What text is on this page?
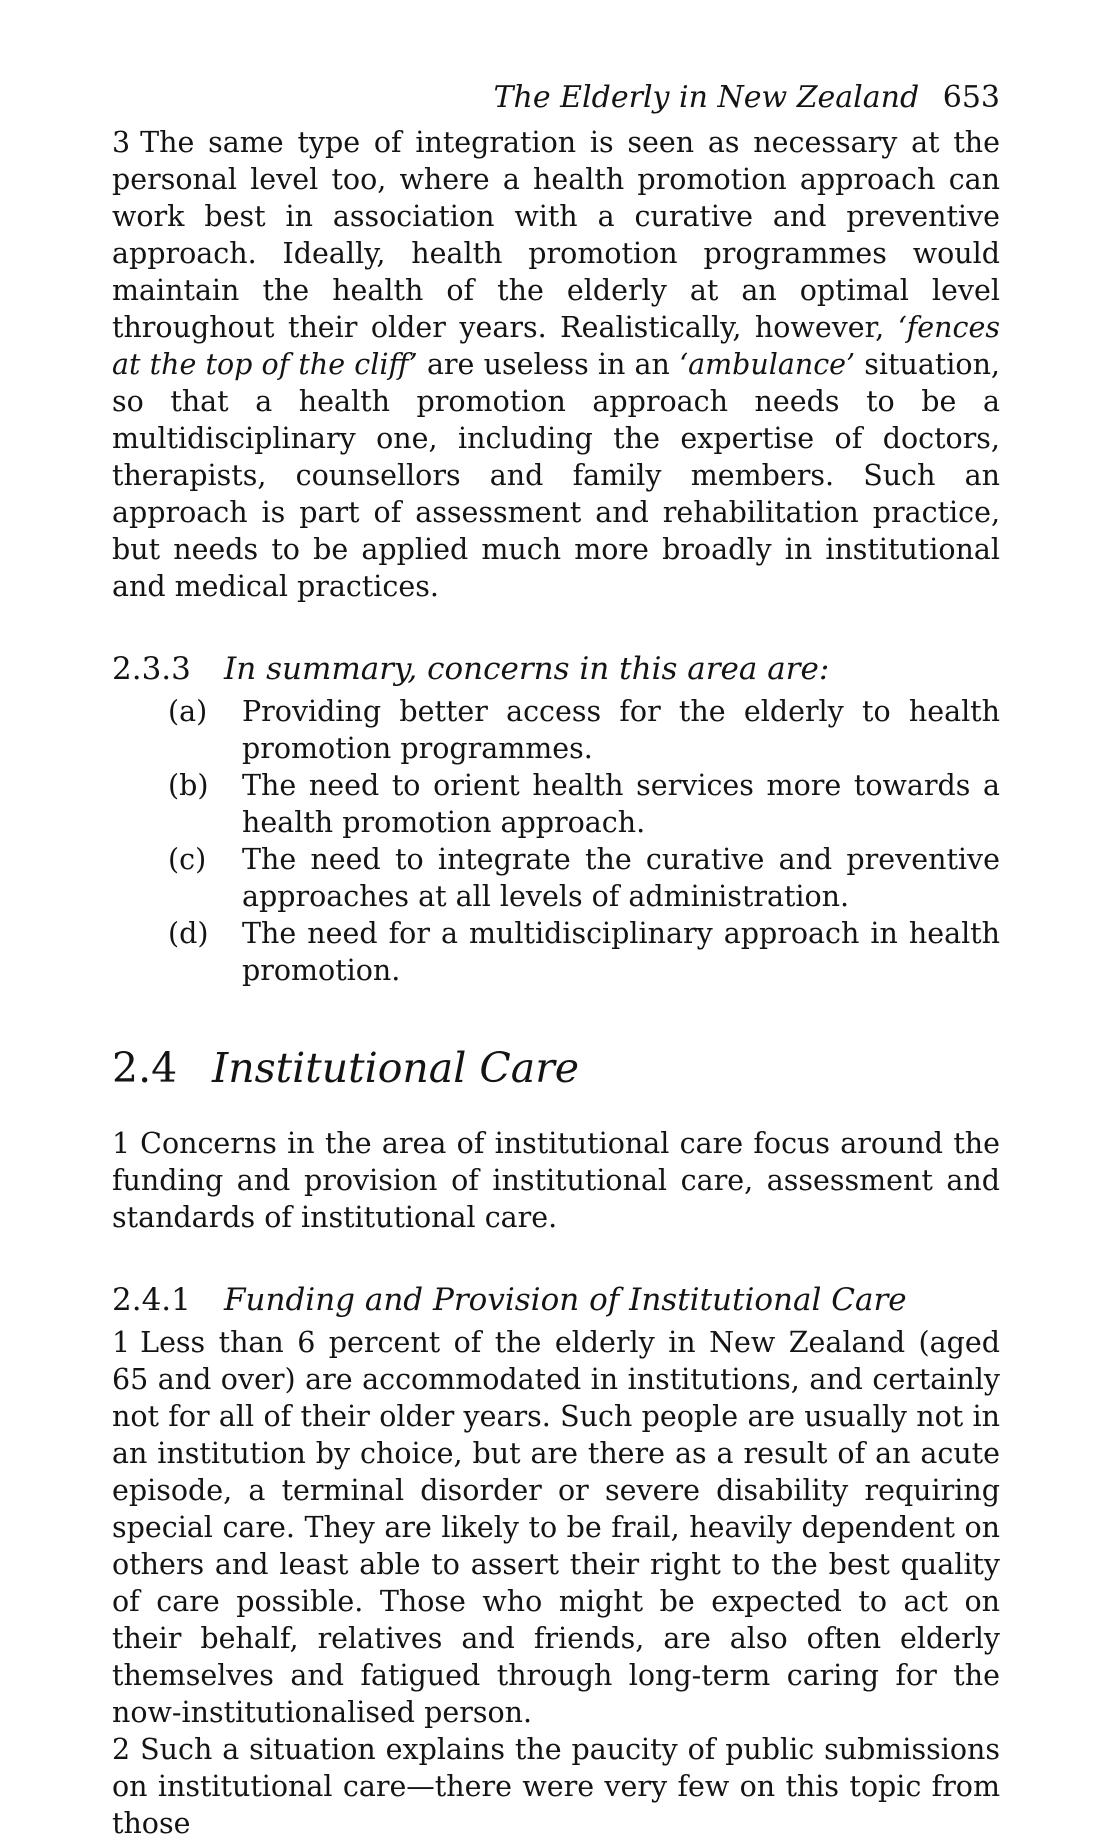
The Elderly in New Zealand 653

3 The same type of integration is seen as necessary at the personal level too, where a health promotion approach can work best in association with a curative and preventive approach. Ideally, health promotion programmes would maintain the health of the elderly at an optimal level throughout their older years. Realistically, however, ‘fences at the top of the cliff’ are useless in an ‘ambulance’ situation, so that a health promotion approach needs to be a multidisciplinary one, including the expertise of doctors, therapists, counsellors and family members. Such an approach is part of assessment and rehabilitation practice, but needs to be applied much more broadly in institutional and medical practices.

2.3.3 In summary, concerns in this area are:
(a) Providing better access for the elderly to health promotion programmes.
(b) The need to orient health services more towards a health promotion approach.
(c) The need to integrate the curative and preventive approaches at all levels of administration.
(d) The need for a multidisciplinary approach in health promotion.
2.4 Institutional Care

1 Concerns in the area of institutional care focus around the funding and provision of institutional care, assessment and standards of institutional care.

2.4.1 Funding and Provision of Institutional Care

1 Less than 6 percent of the elderly in New Zealand (aged 65 and over) are accommodated in institutions, and certainly not for all of their older years. Such people are usually not in an institution by choice, but are there as a result of an acute episode, a terminal disorder or severe disability requiring special care. They are likely to be frail, heavily dependent on others and least able to assert their right to the best quality of care possible. Those who might be expected to act on their behalf, relatives and friends, are also often elderly themselves and fatigued through long-term caring for the now-institutionalised person.

2 Such a situation explains the paucity of public submissions on institutional care—there were very few on this topic from those
